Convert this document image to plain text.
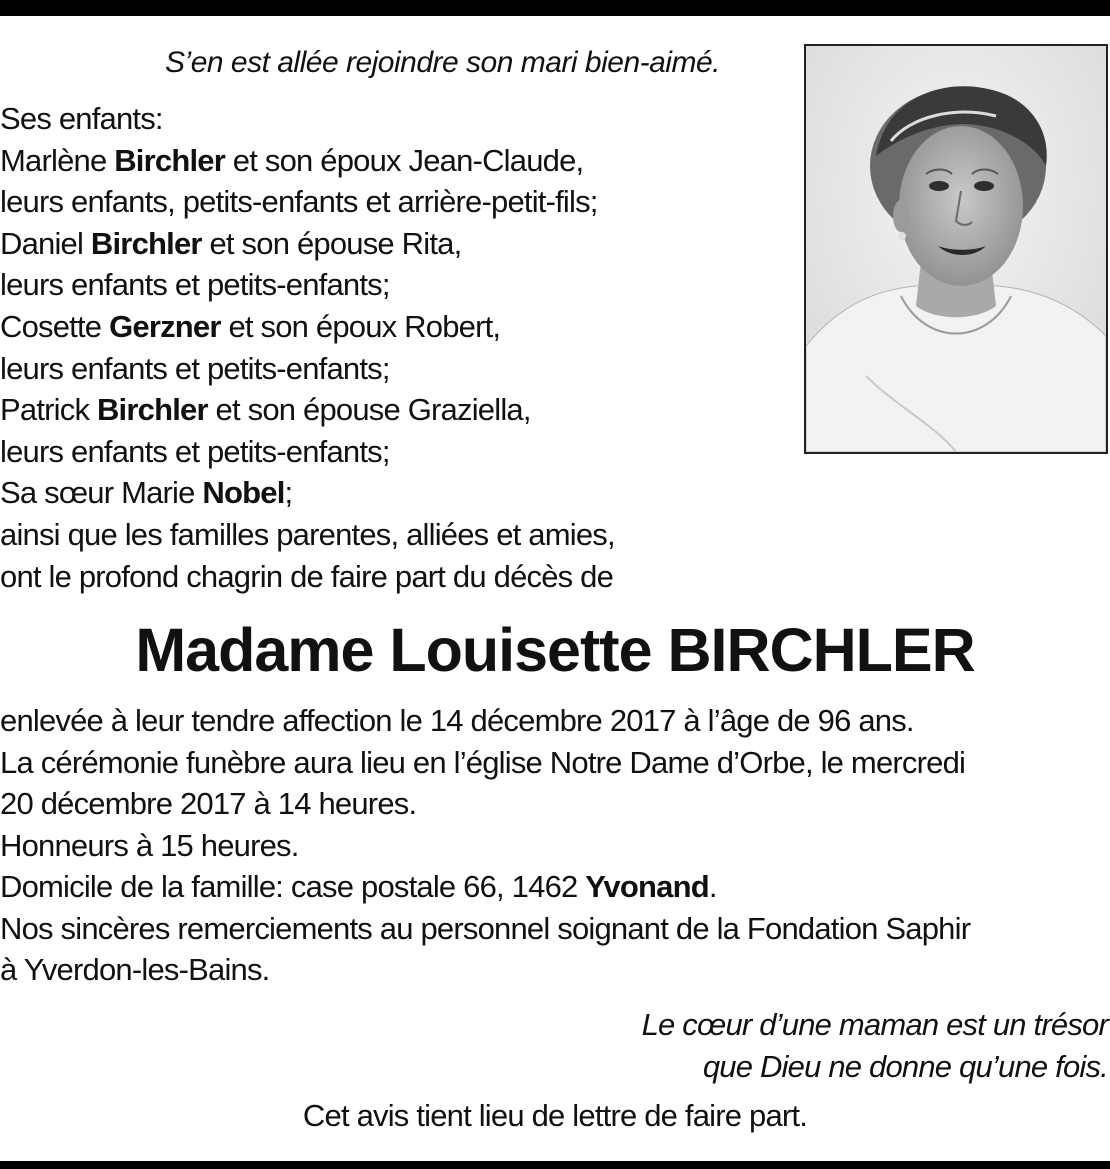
S’en est allée rejoindre son mari bien-aimé.
Ses enfants:
Marlène Birchler et son époux Jean-Claude,
leurs enfants, petits-enfants et arrière-petit-fils;
Daniel Birchler et son épouse Rita,
leurs enfants et petits-enfants;
Cosette Gerzner et son époux Robert,
leurs enfants et petits-enfants;
Patrick Birchler et son épouse Graziella,
leurs enfants et petits-enfants;
Sa sœur Marie Nobel;
ainsi que les familles parentes, alliées et amies,
ont le profond chagrin de faire part du décès de
Madame Louisette BIRCHLER
enlevée à leur tendre affection le 14 décembre 2017 à l’âge de 96 ans.
La cérémonie funèbre aura lieu en l’église Notre Dame d’Orbe, le mercredi
20 décembre 2017 à 14 heures.
Honneurs à 15 heures.
Domicile de la famille: case postale 66, 1462 Yvonand.
Nos sincères remerciements au personnel soignant de la Fondation Saphir
à Yverdon-les-Bains.
Le cœur d’une maman est un trésor
que Dieu ne donne qu’une fois.
Cet avis tient lieu de lettre de faire part.
